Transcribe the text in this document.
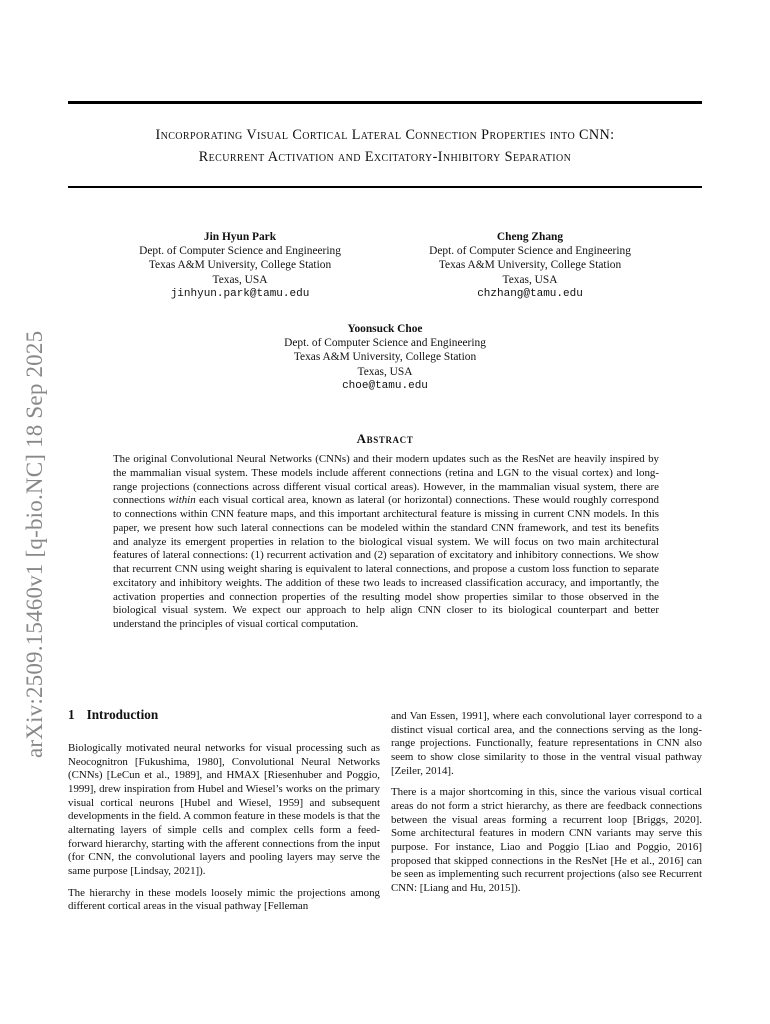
arXiv:2509.15460v1 [q-bio.NC] 18 Sep 2025
Incorporating Visual Cortical Lateral Connection Properties into CNN:
Recurrent Activation and Excitatory-Inhibitory Separation
Jin Hyun Park
Dept. of Computer Science and Engineering
Texas A&M University, College Station
Texas, USA
jinhyun.park@tamu.edu
Cheng Zhang
Dept. of Computer Science and Engineering
Texas A&M University, College Station
Texas, USA
chzhang@tamu.edu
Yoonsuck Choe
Dept. of Computer Science and Engineering
Texas A&M University, College Station
Texas, USA
choe@tamu.edu
Abstract

The original Convolutional Neural Networks (CNNs) and their modern updates such as the ResNet are heavily inspired by the mammalian visual system. These models include afferent connections (retina and LGN to the visual cortex) and long-range projections (connections across different visual cortical areas). However, in the mammalian visual system, there are connections within each visual cortical area, known as lateral (or horizontal) connections. These would roughly correspond to connections within CNN feature maps, and this important architectural feature is missing in current CNN models. In this paper, we present how such lateral connections can be modeled within the standard CNN framework, and test its benefits and analyze its emergent properties in relation to the biological visual system. We will focus on two main architectural features of lateral connections: (1) recurrent activation and (2) separation of excitatory and inhibitory connections. We show that recurrent CNN using weight sharing is equivalent to lateral connections, and propose a custom loss function to separate excitatory and inhibitory weights. The addition of these two leads to increased classification accuracy, and importantly, the activation properties and connection properties of the resulting model show properties similar to those observed in the biological visual system. We expect our approach to help align CNN closer to its biological counterpart and better understand the principles of visual cortical computation.

1 Introduction

Biologically motivated neural networks for visual processing such as Neocognitron [Fukushima, 1980], Convolutional Neural Networks (CNNs) [LeCun et al., 1989], and HMAX [Riesenhuber and Poggio, 1999], drew inspiration from Hubel and Wiesel’s works on the primary visual cortical neurons [Hubel and Wiesel, 1959] and subsequent developments in the field. A common feature in these models is that the alternating layers of simple cells and complex cells form a feed-forward hierarchy, starting with the afferent connections from the input (for CNN, the convolutional layers and pooling layers may serve the same purpose [Lindsay, 2021]).

The hierarchy in these models loosely mimic the projections among different cortical areas in the visual pathway [Felleman

and Van Essen, 1991], where each convolutional layer correspond to a distinct visual cortical area, and the connections serving as the long-range projections. Functionally, feature representations in CNN also seem to show close similarity to those in the ventral visual pathway [Zeiler, 2014].

There is a major shortcoming in this, since the various visual cortical areas do not form a strict hierarchy, as there are feedback connections between the visual areas forming a recurrent loop [Briggs, 2020]. Some architectural features in modern CNN variants may serve this purpose. For instance, Liao and Poggio [Liao and Poggio, 2016] proposed that skipped connections in the ResNet [He et al., 2016] can be seen as implementing such recurrent projections (also see Recurrent CNN: [Liang and Hu, 2015]).
